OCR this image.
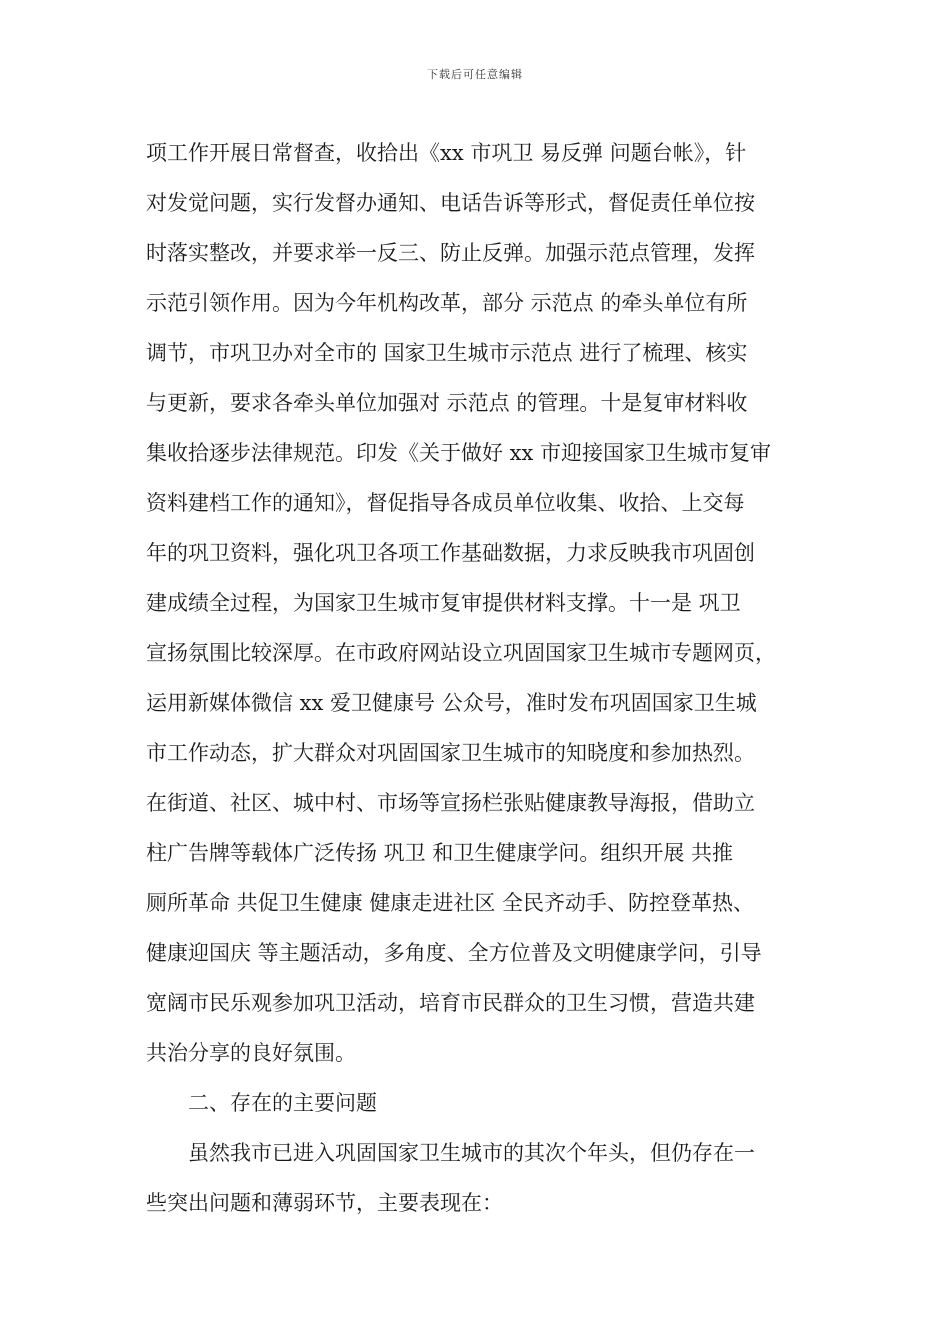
下载后可任意编辑
项工作开展日常督查，收拾出《xx 市巩卫 易反弹 问题台帐》，针
对发觉问题，实行发督办通知、电话告诉等形式，督促责任单位按
时落实整改，并要求举一反三、防止反弹。加强示范点管理，发挥
示范引领作用。因为今年机构改革，部分 示范点 的牵头单位有所
调节，市巩卫办对全市的 国家卫生城市示范点 进行了梳理、核实
与更新，要求各牵头单位加强对 示范点 的管理。十是复审材料收
集收拾逐步法律规范。印发《关于做好 xx 市迎接国家卫生城市复审
资料建档工作的通知》，督促指导各成员单位收集、收拾、上交每
年的巩卫资料，强化巩卫各项工作基础数据，力求反映我市巩固创
建成绩全过程，为国家卫生城市复审提供材料支撑。十一是 巩卫
宣扬氛围比较深厚。在市政府网站设立巩固国家卫生城市专题网页，
运用新媒体微信 xx 爱卫健康号 公众号，准时发布巩固国家卫生城
市工作动态，扩大群众对巩固国家卫生城市的知晓度和参加热烈。
在街道、社区、城中村、市场等宣扬栏张贴健康教导海报，借助立
柱广告牌等载体广泛传扬 巩卫 和卫生健康学问。组织开展 共推
厕所革命 共促卫生健康 健康走进社区 全民齐动手、防控登革热、
健康迎国庆 等主题活动，多角度、全方位普及文明健康学问，引导
宽阔市民乐观参加巩卫活动，培育市民群众的卫生习惯，营造共建
共治分享的良好氛围。
二、存在的主要问题
虽然我市已进入巩固国家卫生城市的其次个年头，但仍存在一
些突出问题和薄弱环节，主要表现在：
